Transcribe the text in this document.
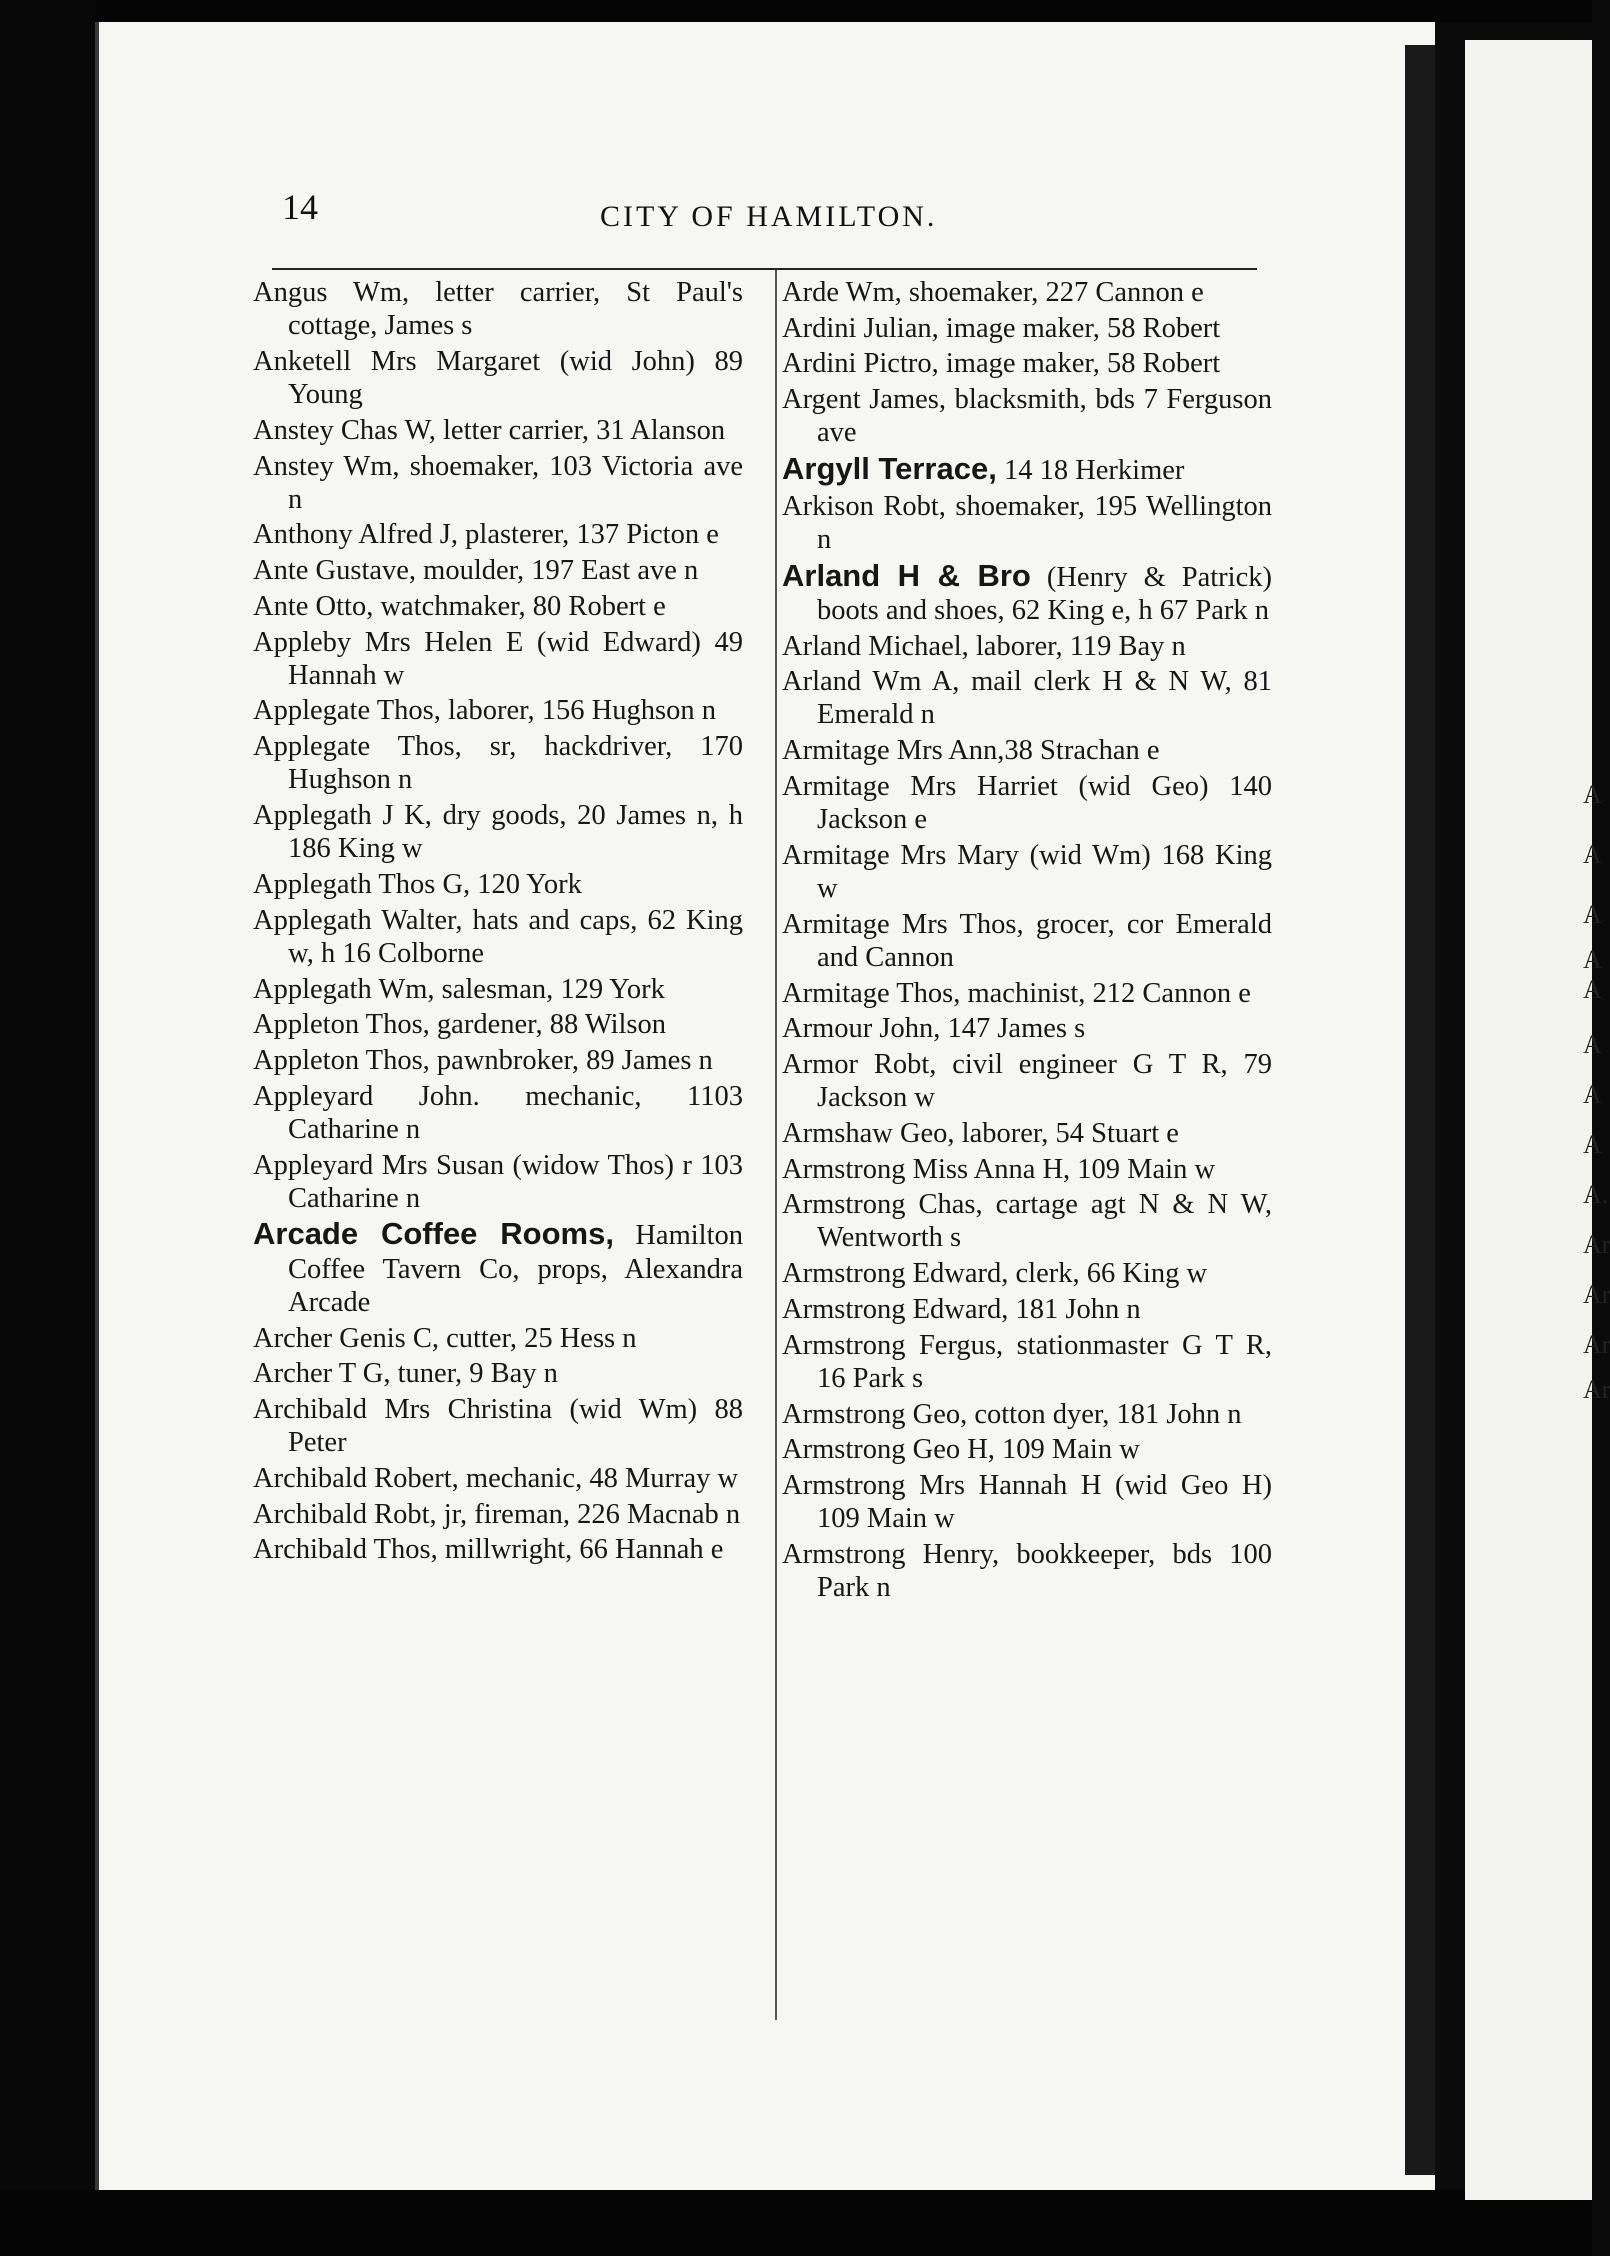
A
A
A
A
A
A
A
A
A.
Ar
Ar
Ar
Ar
14	CITY OF HAMILTON.

Angus Wm, letter carrier, St Paul's cottage, James s

Anketell Mrs Margaret (wid John) 89 Young

Anstey Chas W, letter carrier, 31 Alanson

Anstey Wm, shoemaker, 103 Victoria ave n

Anthony Alfred J, plasterer, 137 Picton e

Ante Gustave, moulder, 197 East ave n

Ante Otto, watchmaker, 80 Robert e

Appleby Mrs Helen E (wid Edward) 49 Hannah w

Applegate Thos, laborer, 156 Hughson n

Applegate Thos, sr, hackdriver, 170 Hughson n

Applegath J K, dry goods, 20 James n, h 186 King w

Applegath Thos G, 120 York

Applegath Walter, hats and caps, 62 King w, h 16 Colborne

Applegath Wm, salesman, 129 York

Appleton Thos, gardener, 88 Wilson

Appleton Thos, pawnbroker, 89 James n

Appleyard John. mechanic, 1103 Catharine n

Appleyard Mrs Susan (widow Thos) r 103 Catharine n

Arcade Coffee Rooms, Hamilton Coffee Tavern Co, props, Alexandra Arcade

Archer Genis C, cutter, 25 Hess n

Archer T G, tuner, 9 Bay n

Archibald Mrs Christina (wid Wm) 88 Peter

Archibald Robert, mechanic, 48 Murray w

Archibald Robt, jr, fireman, 226 Macnab n

Archibald Thos, millwright, 66 Hannah e

Arde Wm, shoemaker, 227 Cannon e

Ardini Julian, image maker, 58 Robert

Ardini Pictro, image maker, 58 Robert

Argent James, blacksmith, bds 7 Ferguson ave

Argyll Terrace, 14 18 Herkimer

Arkison Robt, shoemaker, 195 Wellington n

Arland H & Bro (Henry & Patrick) boots and shoes, 62 King e, h 67 Park n

Arland Michael, laborer, 119 Bay n

Arland Wm A, mail clerk H & N W, 81 Emerald n

Armitage Mrs Ann,38 Strachan e

Armitage Mrs Harriet (wid Geo) 140 Jackson e

Armitage Mrs Mary (wid Wm) 168 King w

Armitage Mrs Thos, grocer, cor Emerald and Cannon

Armitage Thos, machinist, 212 Cannon e

Armour John, 147 James s

Armor Robt, civil engineer G T R, 79 Jackson w

Armshaw Geo, laborer, 54 Stuart e

Armstrong Miss Anna H, 109 Main w

Armstrong Chas, cartage agt N & N W, Wentworth s

Armstrong Edward, clerk, 66 King w

Armstrong Edward, 181 John n

Armstrong Fergus, stationmaster G T R, 16 Park s

Armstrong Geo, cotton dyer, 181 John n

Armstrong Geo H, 109 Main w

Armstrong Mrs Hannah H (wid Geo H) 109 Main w

Armstrong Henry, bookkeeper, bds 100 Park n
